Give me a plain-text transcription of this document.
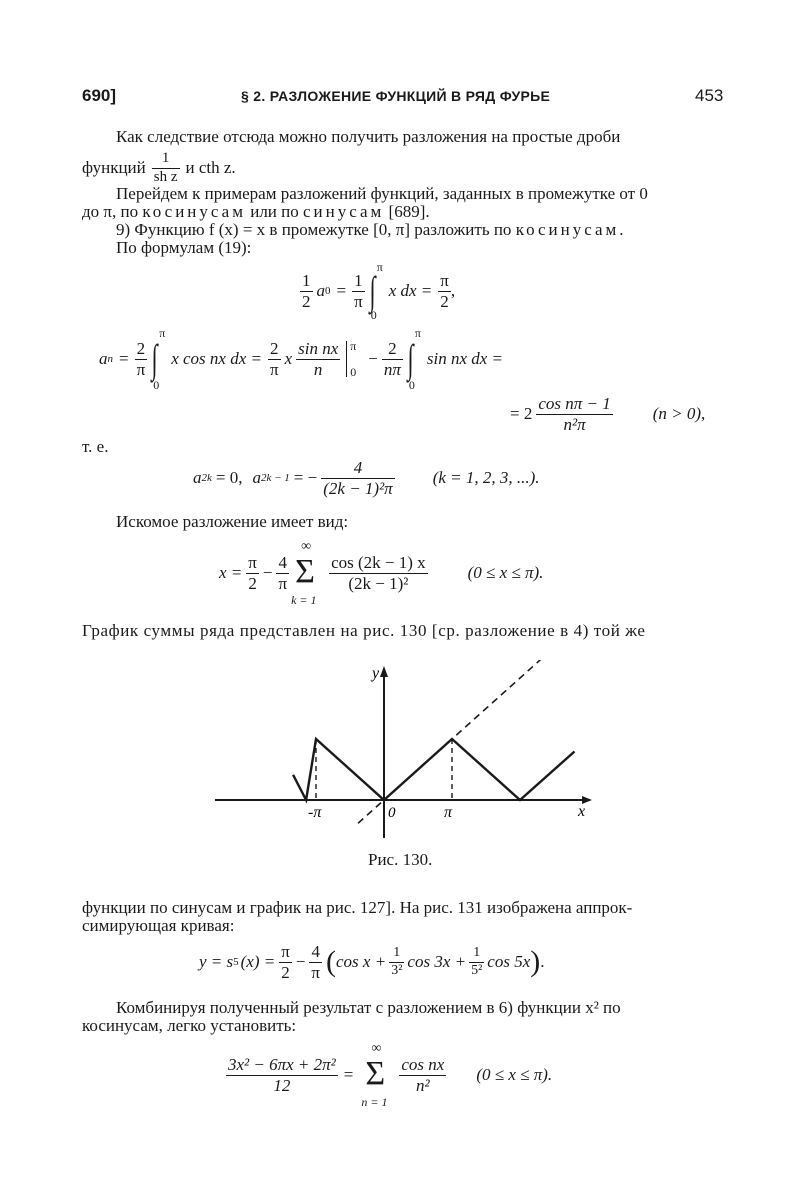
690]	§ 2. РАЗЛОЖЕНИЕ ФУНКЦИЙ В РЯД ФУРЬЕ	453
Как следствие отсюда можно получить разложения на простые дроби
функций $\frac{1}{\text{sh z}}$ и cth z.
Перейдем к примерам разложений функций, заданных в промежутке от 0
до π, по косинусам или по синусам [689].
9) Функцию f (x) = x в промежутке [0, π] разложить по косинусам.
По формулам (19):
$\frac{1}{2}$ a $0 = \frac{1}{\pi}$ ∫
π
0
x dx = $\frac{\pi}{2}$ ,
a $n = \frac{2}{\pi}$ ∫
π
0
x cos nx dx = $\frac{2}{\pi}$ x $\frac{\text{sin nx}}{n}$ π
0
− $\frac{2}{n\pi}$ ∫
π
0
sin nx dx =
= $2 \frac{\text{cos nπ − 1}}{\text{n²π}} (n > 0)$,
т. е.
a 2k = 0, a 2k − 1 = − $\frac{4}{\text{(2k − 1)²π}} (k = 1$, 2, 3, ...).
Искомое разложение имеет вид:
$x = \frac{\pi}{2} - \frac{4}{\pi}$ Σ
∞
k = 1
$\frac{\cos (2k - 1) x}{\text{(2k − 1)²}} (0 \le x \le \pi)$.
График суммы ряда представлен на рис. 130 [ср. разложение в 4) той же
y
x
0	π
-π
Рис. 130.
функции по синусам и график на рис. 127]. На рис. 131 изображена аппрок-
симирующая кривая:
y = s 5 $(x) = \frac{\pi}{2} - \frac{4}{\pi}$ ( $\cos x + \frac{1}{\text{3²}}$ $\cos 3x + \frac{1}{\text{5²}}$ cos 5x ) .
Комбинируя полученный результат с разложением в 6) функции x² по
косинусам, легко установить:
$\frac{\text{3x² − 6πx + 2π²}}{12} = \Sigma$
∞
n = 1
$\frac{\text{cos nx}}{\text{n²}} (0 \le x \le \pi)$.
